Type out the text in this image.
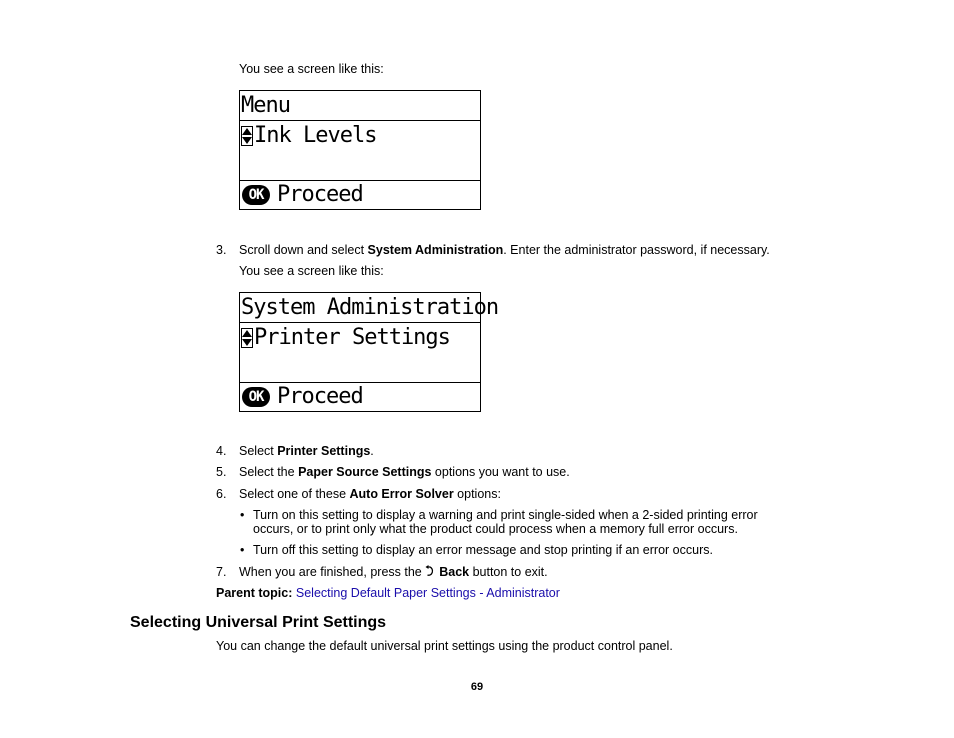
You see a screen like this:
Menu
Ink Levels
OK Proceed
3. Scroll down and select System Administration. Enter the administrator password, if necessary.
You see a screen like this:
System Administration
Printer Settings
OK Proceed
4. Select Printer Settings.
5. Select the Paper Source Settings options you want to use.
6. Select one of these Auto Error Solver options:
• Turn on this setting to display a warning and print single-sided when a 2-sided printing error
occurs, or to print only what the product could process when a memory full error occurs.
• Turn off this setting to display an error message and stop printing if an error occurs.
7. When you are finished, press the Back button to exit.
Parent topic: Selecting Default Paper Settings - Administrator
Selecting Universal Print Settings
You can change the default universal print settings using the product control panel.
69
